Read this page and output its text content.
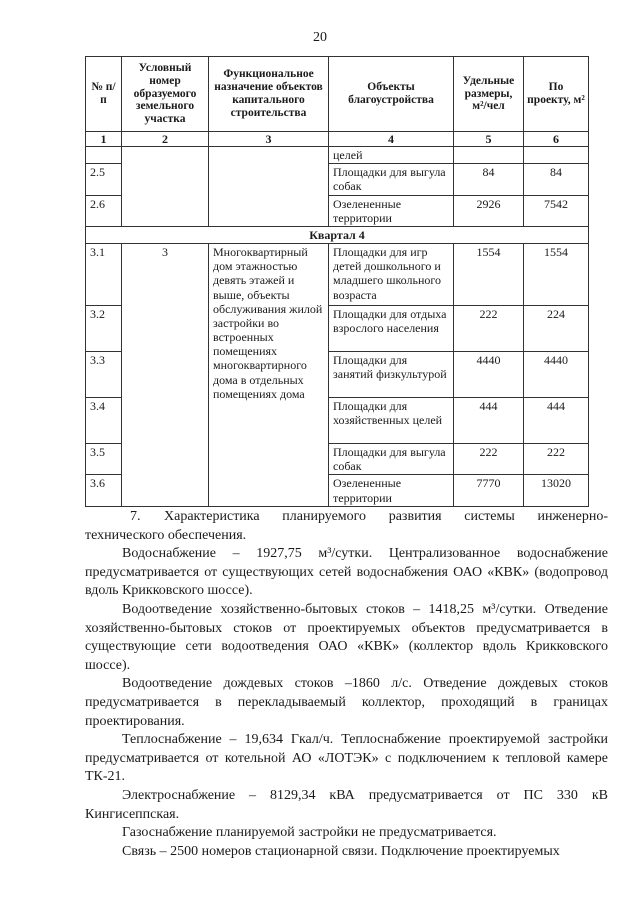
20
№ п/п	Условный номер образуемого земельного участка	Функциональное назначение объектов капитального строительства	Объекты благоустройства	Удельные размеры, м²/чел	По проекту, м²
1	2	3	4	5	6
			целей		
2.5			Площадки для выгула собак	84	84
2.6			Озелененные территории	2926	7542
Квартал 4					
3.1	3	Многоквартирный дом этажностью девять этажей и выше, объекты обслуживания жилой застройки во встроенных помещениях многоквартирного дома в отдельных помещениях дома	Площадки для игр детей дошкольного и младшего школьного возраста	1554	1554
3.2			Площадки для отдыха взрослого населения	222	224
3.3			Площадки для занятий физкультурой	4440	4440
3.4			Площадки для хозяйственных целей	444	444
3.5			Площадки для выгула собак	222	222
3.6			Озелененные территории	7770	13020

7. Характеристика планируемого развития системы инженерно-технического обеспечения.

Водоснабжение – 1927,75 м³/сутки. Централизованное водоснабжение предусматривается от существующих сетей водоснабжения ОАО «КВК» (водопровод вдоль Крикковского шоссе).

Водоотведение хозяйственно-бытовых стоков – 1418,25 м³/сутки. Отведение хозяйственно-бытовых стоков от проектируемых объектов предусматривается в существующие сети водоотведения ОАО «КВК» (коллектор вдоль Крикковского шоссе).

Водоотведение дождевых стоков –1860 л/с. Отведение дождевых стоков предусматривается в перекладываемый коллектор, проходящий в границах проектирования.

Теплоснабжение – 19,634 Гкал/ч. Теплоснабжение проектируемой застройки предусматривается от котельной АО «ЛОТЭК» с подключением к тепловой камере ТК-21.

Электроснабжение – 8129,34 кВА предусматривается от ПС 330 кВ Кингисеппская.

Газоснабжение планируемой застройки не предусматривается.

Связь – 2500 номеров стационарной связи. Подключение проектируемых
